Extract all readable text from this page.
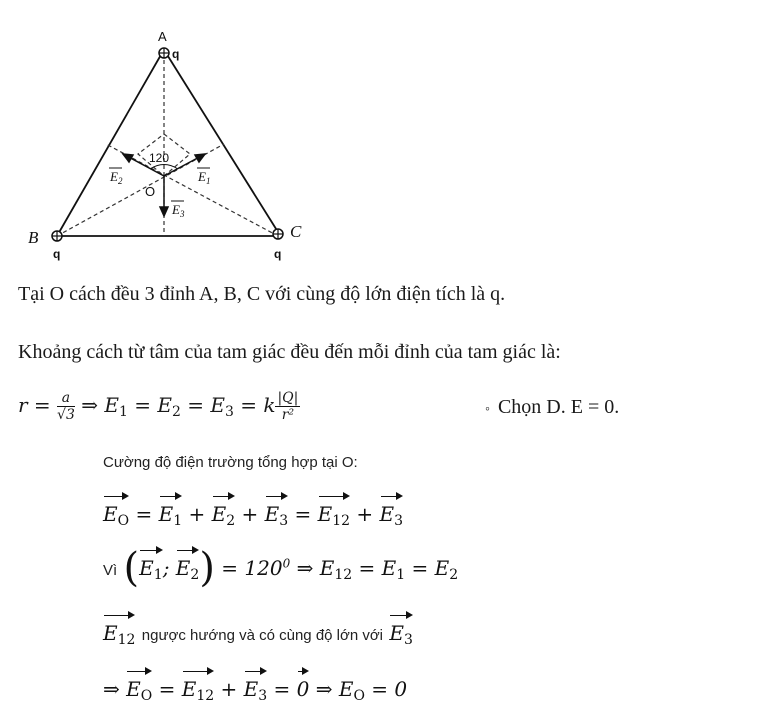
A
q
B
q
C
q
O
120
$E_1$
$E_2$
$E_3$
Tại O cách đều 3 đỉnh A, B, C với cùng độ lớn điện tích là q.
Khoảng cách từ tâm của tam giác đều đến mỗi đỉnh của tam giác là:
$r = \frac{a}{√3}$ ⇒ $E_1 = E_2 = E_3 = k \frac{|Q|}{\text{r²}}$	◦ Chọn D. E = 0.
Cường độ điện trường tổng hợp tại O:
$E_O = E_1 + E_2 + E_3 = E_{12} + E_3$
Vì ($E_1$; $E_2) = 120^0$ ⇒ $E_{12} = E_1 = E_2$
$E_{12}$ ngược hướng và có cùng độ lớn với $E_3$
⇒ $E_O = E_{12} + E_3 = 0$ ⇒ $E_O = 0$
